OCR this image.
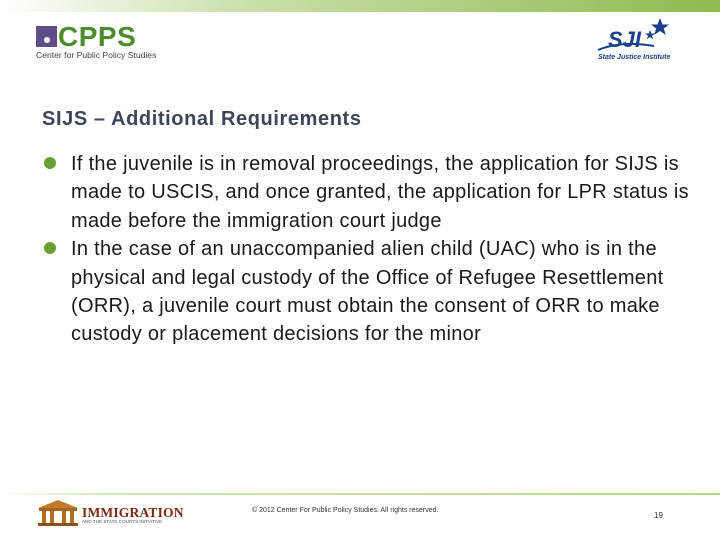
CPPS
Center for Public Policy Studies
SJI
State Justice Institute
SIJS – Additional Requirements
If the juvenile is in removal proceedings, the application for SIJS is made to USCIS, and once granted, the application for LPR status is made before the immigration court judge
In the case of an unaccompanied alien child (UAC) who is in the physical and legal custody of the Office of Refugee Resettlement (ORR), a juvenile court must obtain the consent of ORR to make custody or placement decisions for the minor
IMMIGRATION
AND THE STATE COURTS INITIATIVE
© 2012 Center For Public Policy Studies. All rights reserved.
19
